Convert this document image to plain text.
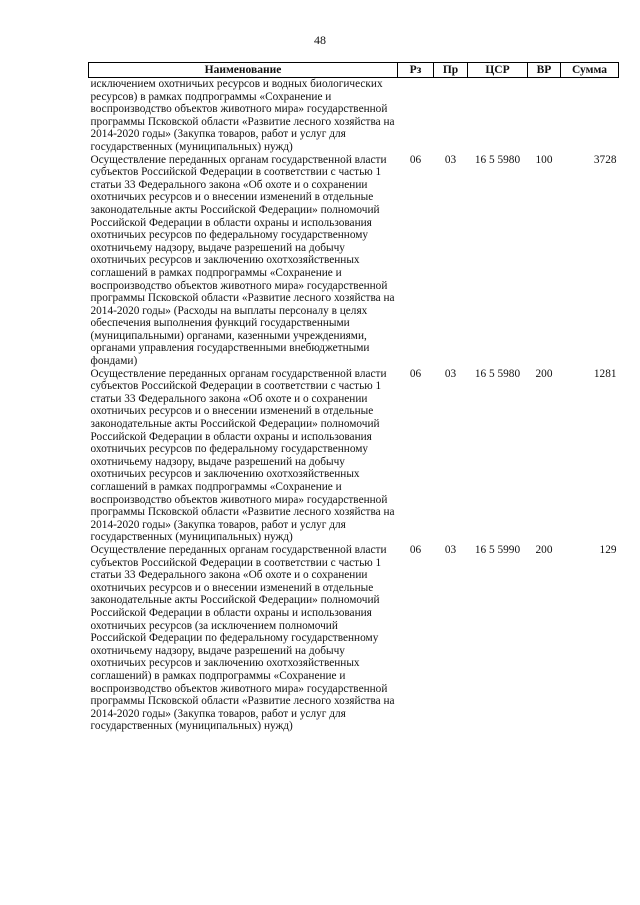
48
Наименование	Рз	Пр	ЦСР	ВР	Сумма
исключением охотничьих ресурсов и водных биологических ресурсов) в рамках подпрограммы «Сохранение и воспроизводство объектов животного мира» государственной программы Псковской области «Развитие лесного хозяйства на 2014-2020 годы» (Закупка товаров, работ и услуг для государственных (муниципальных) нужд)					
Осуществление переданных органам государственной власти субъектов Российской Федерации в соответствии с частью 1 статьи 33 Федерального закона «Об охоте и о сохранении охотничьих ресурсов и о внесении изменений в отдельные законодательные акты Российской Федерации» полномочий Российской Федерации в области охраны и использования охотничьих ресурсов по федеральному государственному охотничьему надзору, выдаче разрешений на добычу охотничьих ресурсов и заключению охотхозяйственных соглашений в рамках подпрограммы «Сохранение и воспроизводство объектов животного мира» государственной программы Псковской области «Развитие лесного хозяйства на 2014-2020 годы» (Расходы на выплаты персоналу в целях обеспечения выполнения функций государственными (муниципальными) органами, казенными учреждениями, органами управления государственными внебюджетными фондами)	06	03	16 5 5980	100	3728
Осуществление переданных органам государственной власти субъектов Российской Федерации в соответствии с частью 1 статьи 33 Федерального закона «Об охоте и о сохранении охотничьих ресурсов и о внесении изменений в отдельные законодательные акты Российской Федерации» полномочий Российской Федерации в области охраны и использования охотничьих ресурсов по федеральному государственному охотничьему надзору, выдаче разрешений на добычу охотничьих ресурсов и заключению охотхозяйственных соглашений в рамках подпрограммы «Сохранение и воспроизводство объектов животного мира» государственной программы Псковской области «Развитие лесного хозяйства на 2014-2020 годы» (Закупка товаров, работ и услуг для государственных (муниципальных) нужд)	06	03	16 5 5980	200	1281
Осуществление переданных органам государственной власти субъектов Российской Федерации в соответствии с частью 1 статьи 33 Федерального закона «Об охоте и о сохранении охотничьих ресурсов и о внесении изменений в отдельные законодательные акты Российской Федерации» полномочий Российской Федерации в области охраны и использования охотничьих ресурсов (за исключением полномочий Российской Федерации по федеральному государственному охотничьему надзору, выдаче разрешений на добычу охотничьих ресурсов и заключению охотхозяйственных соглашений) в рамках подпрограммы «Сохранение и воспроизводство объектов животного мира» государственной программы Псковской области «Развитие лесного хозяйства на 2014-2020 годы» (Закупка товаров, работ и услуг для государственных (муниципальных) нужд)	06	03	16 5 5990	200	129
